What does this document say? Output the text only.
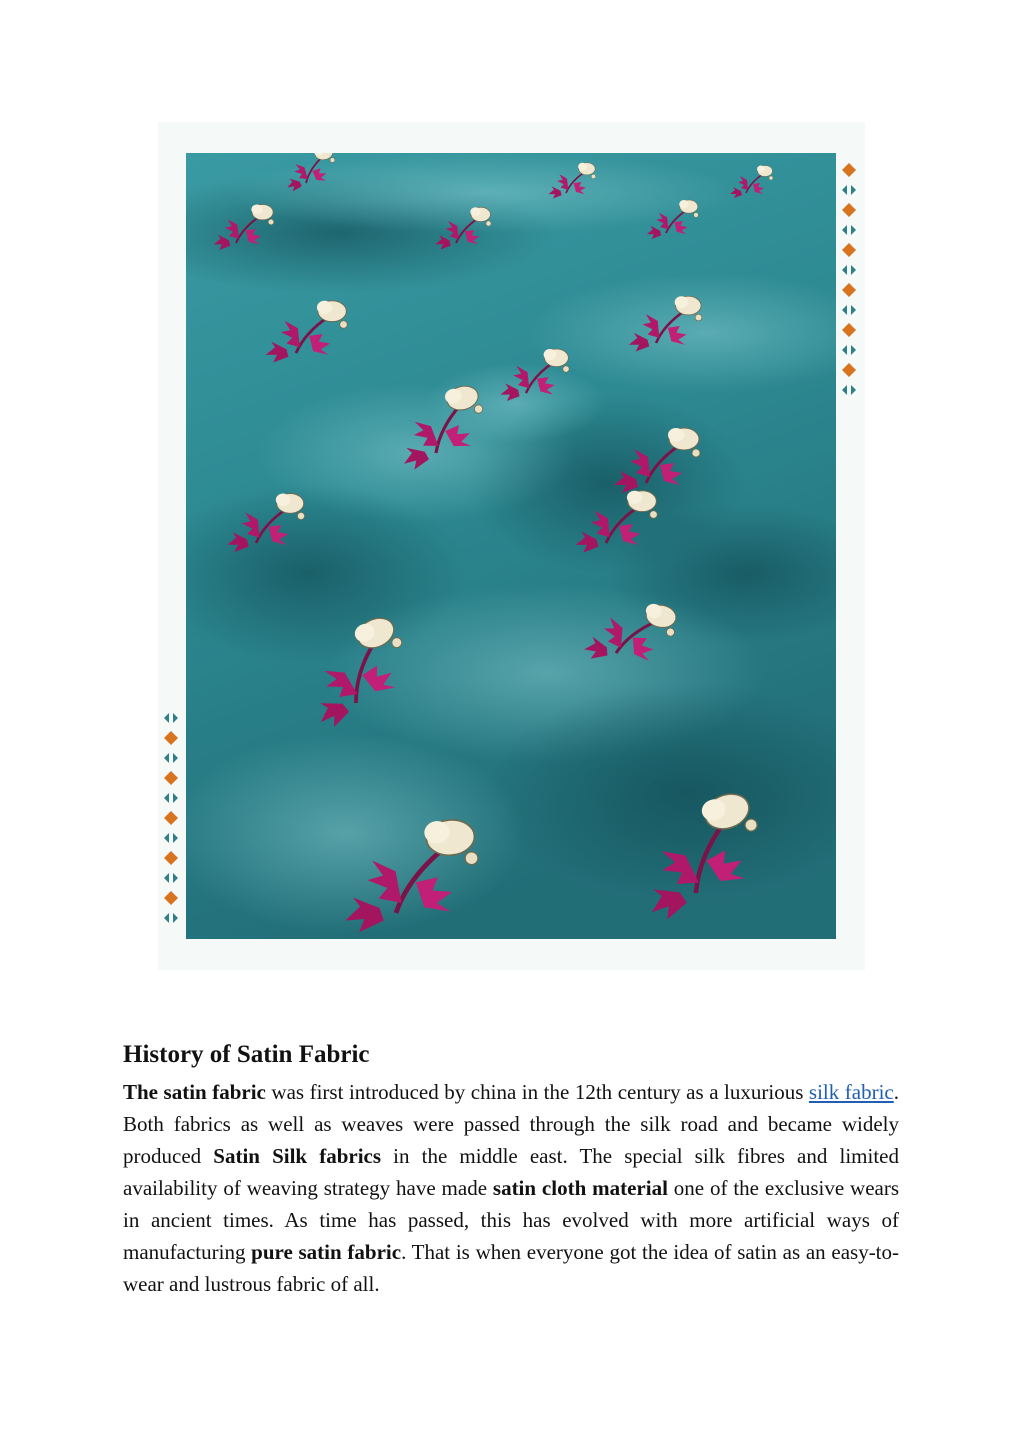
History of Satin Fabric

The satin fabric was first introduced by china in the 12th century as a luxurious silk fabric. Both fabrics as well as weaves were passed through the silk road and became widely produced Satin Silk fabrics in the middle east. The special silk fibres and limited availability of weaving strategy have made satin cloth material one of the exclusive wears in ancient times. As time has passed, this has evolved with more artificial ways of manufacturing pure satin fabric. That is when everyone got the idea of satin as an easy-to-wear and lustrous fabric of all.
